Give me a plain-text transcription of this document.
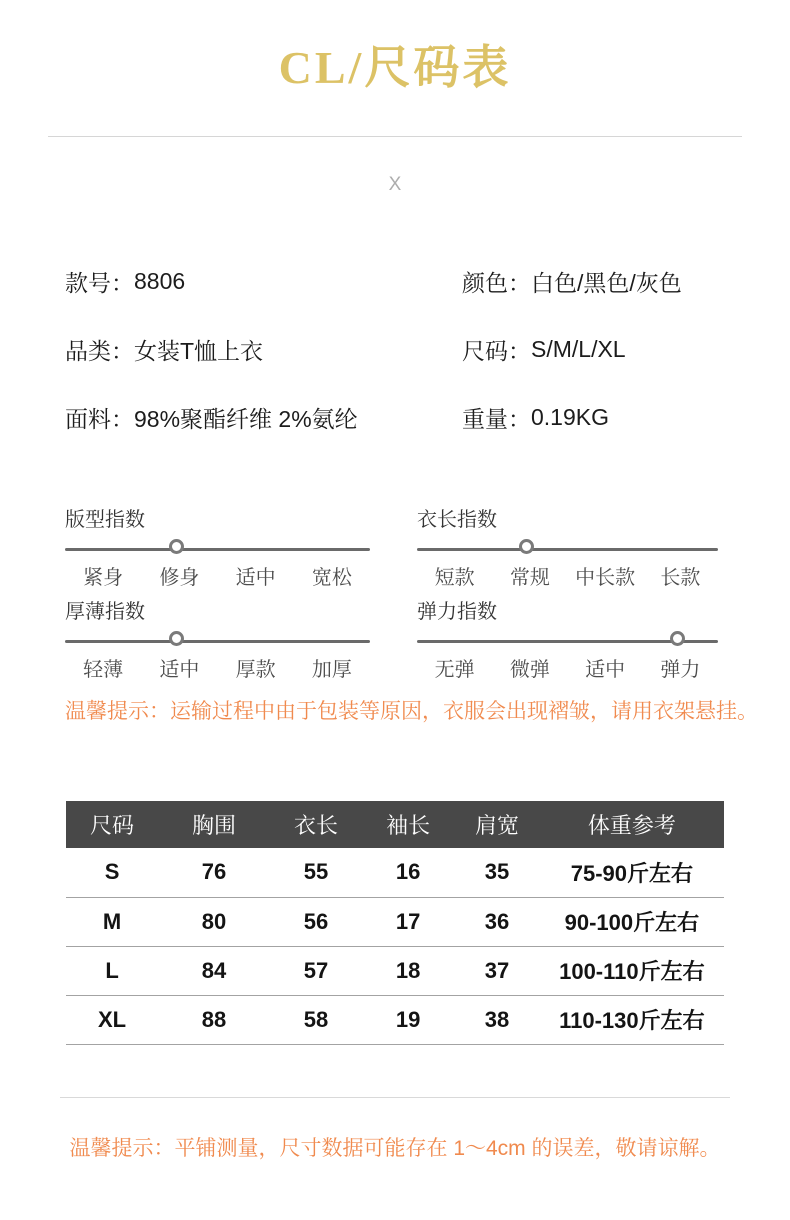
CL/尺码表
X
款号： 8806	颜色： 白色/黑色/灰色
品类： 女装T恤上衣	尺码： S/M/L/XL
面料： 98%聚酯纤维 2%氨纶	重量： 0.19KG
版型指数
紧身	修身	适中	宽松
衣长指数
短款	常规	中长款	长款
厚薄指数
轻薄	适中	厚款	加厚
弹力指数
无弹	微弹	适中	弹力
温馨提示：运输过程中由于包装等原因，衣服会出现褶皱，请用衣架悬挂。
尺码	胸围	衣长	袖长	肩宽	体重参考
S	76	55	16	35	75-90斤左右
M	80	56	17	36	90-100斤左右
L	84	57	18	37	100-110斤左右
XL	88	58	19	38	110-130斤左右
温馨提示：平铺测量，尺寸数据可能存在 1～4cm 的误差，敬请谅解。
